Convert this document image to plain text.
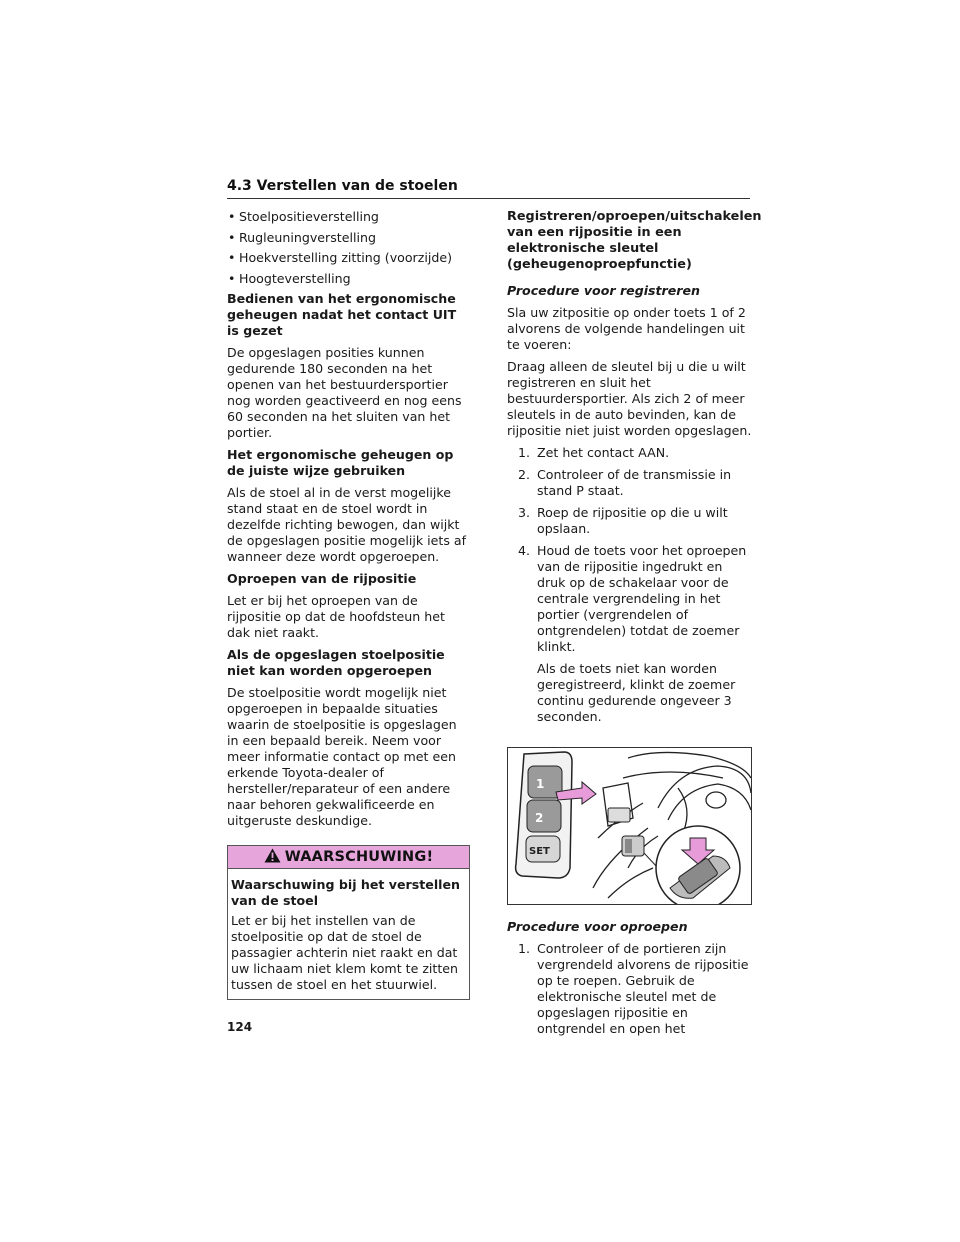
4.3 Verstellen van de stoelen
• Stoelpositieverstelling
• Rugleuningverstelling
• Hoekverstelling zitting (voorzijde)
• Hoogteverstelling
Bedienen van het ergonomische geheugen nadat het contact UIT is gezet
De opgeslagen posities kunnen gedurende 180 seconden na het openen van het bestuurdersportier nog worden geactiveerd en nog eens 60 seconden na het sluiten van het portier.
Het ergonomische geheugen op de juiste wijze gebruiken
Als de stoel al in de verst mogelijke stand staat en de stoel wordt in dezelfde richting bewogen, dan wijkt de opgeslagen positie mogelijk iets af wanneer deze wordt opgeroepen.
Oproepen van de rijpositie
Let er bij het oproepen van de rijpositie op dat de hoofdsteun het dak niet raakt.
Als de opgeslagen stoelpositie niet kan worden opgeroepen
De stoelpositie wordt mogelijk niet opgeroepen in bepaalde situaties waarin de stoelpositie is opgeslagen in een bepaald bereik. Neem voor meer informatie contact op met een erkende Toyota-dealer of hersteller/reparateur of een andere naar behoren gekwalificeerde en uitgeruste deskundige.
WAARSCHUWING!
Waarschuwing bij het verstellen van de stoel
Let er bij het instellen van de stoelpositie op dat de stoel de passagier achterin niet raakt en dat uw lichaam niet klem komt te zitten tussen de stoel en het stuurwiel.
Registreren/oproepen/uitschakelen van een rijpositie in een elektronische sleutel (geheugenoproepfunctie)
Procedure voor registreren
Sla uw zitpositie op onder toets 1 of 2 alvorens de volgende handelingen uit te voeren:
Draag alleen de sleutel bij u die u wilt registreren en sluit het bestuurdersportier. Als zich 2 of meer sleutels in de auto bevinden, kan de rijpositie niet juist worden opgeslagen.
1. Zet het contact AAN.
2. Controleer of de transmissie in stand P staat.
3. Roep de rijpositie op die u wilt opslaan.
4. Houd de toets voor het oproepen van de rijpositie ingedrukt en druk op de schakelaar voor de centrale vergrendeling in het portier (vergrendelen of ontgrendelen) totdat de zoemer klinkt.
Als de toets niet kan worden geregistreerd, klinkt de zoemer continu gedurende ongeveer 3 seconden.
1
2
SET
Procedure voor oproepen
1. Controleer of de portieren zijn vergrendeld alvorens de rijpositie op te roepen. Gebruik de elektronische sleutel met de opgeslagen rijpositie en ontgrendel en open het
124
